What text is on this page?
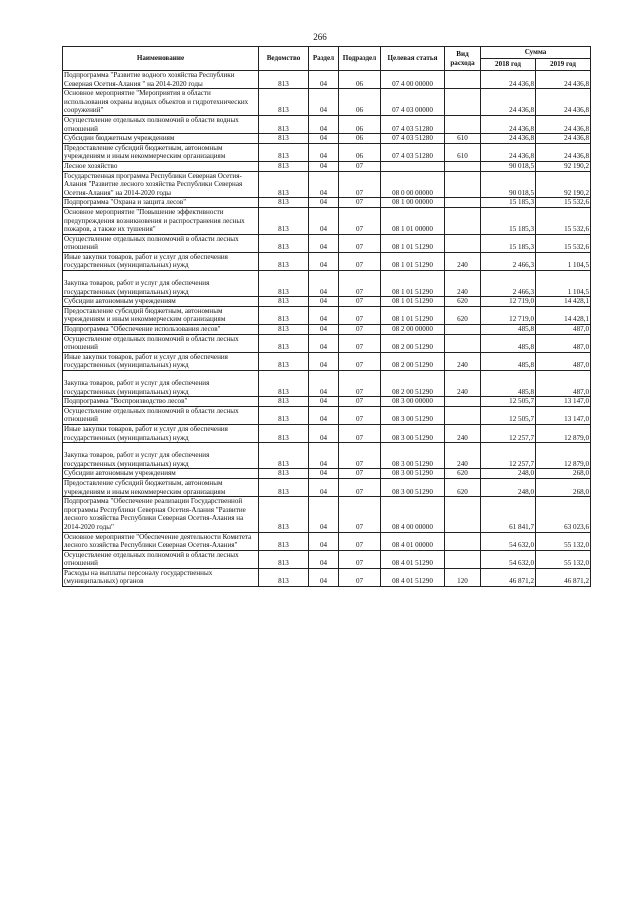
266
Наименование	Ведомство	Раздел	Подраздел	Целевая статья	Вид расхода	Сумма	
						2018 год	2019 год
Подпрограмма "Развитие водного хозяйства Республики Северная Осетия-Алания " на 2014-2020 годы	813	04	06	07 4 00 00000		24 436,8	24 436,8
Основное мероприятие "Мероприятия в области использования охраны водных объектов и гидротехнических сооружений"	813	04	06	07 4 03 00000		24 436,8	24 436,8
Осуществление отдельных полномочий в области водных отношений	813	04	06	07 4 03 51280		24 436,8	24 436,8
Субсидии бюджетным учреждениям	813	04	06	07 4 03 51280	610	24 436,8	24 436,8
Предоставление субсидий бюджетным, автономным учреждениям и иным некоммерческим организациям	813	04	06	07 4 03 51280	610	24 436,8	24 436,8
Лесное хозяйство	813	04	07			90 018,5	92 190,2
Государственная программа Республики Северная Осетия-Алания "Развитие лесного хозяйства Республики Северная Осетия-Алания" на 2014-2020 годы	813	04	07	08 0 00 00000		90 018,5	92 190,2
Подпрограмма "Охрана и защита лесов"	813	04	07	08 1 00 00000		15 185,3	15 532,6
Основное мероприятие "Повышение эффективности предупреждения возникновения и распространения лесных пожаров, а также их тушения"	813	04	07	08 1 01 00000		15 185,3	15 532,6
Осуществление отдельных полномочий в области лесных отношений	813	04	07	08 1 01 51290		15 185,3	15 532,6
Иные закупки товаров, работ и услуг для обеспечения государственных (муниципальных) нужд	813	04	07	08 1 01 51290	240	2 466,3	1 104,5
Закупка товаров, работ и услуг для обеспечения государственных (муниципальных) нужд	813	04	07	08 1 01 51290	240	2 466,3	1 104,5
Субсидии автономным учреждениям	813	04	07	08 1 01 51290	620	12 719,0	14 428,1
Предоставление субсидий бюджетным, автономным учреждениям и иным некоммерческим организациям	813	04	07	08 1 01 51290	620	12 719,0	14 428,1
Подпрограмма "Обеспечение использования лесов"	813	04	07	08 2 00 00000		485,8	487,0
Осуществление отдельных полномочий в области лесных отношений	813	04	07	08 2 00 51290		485,8	487,0
Иные закупки товаров, работ и услуг для обеспечения государственных (муниципальных) нужд	813	04	07	08 2 00 51290	240	485,8	487,0
Закупка товаров, работ и услуг для обеспечения государственных (муниципальных) нужд	813	04	07	08 2 00 51290	240	485,8	487,0
Подпрограмма "Воспроизводство лесов"	813	04	07	08 3 00 00000		12 505,7	13 147,0
Осуществление отдельных полномочий в области лесных отношений	813	04	07	08 3 00 51290		12 505,7	13 147,0
Иные закупки товаров, работ и услуг для обеспечения государственных (муниципальных) нужд	813	04	07	08 3 00 51290	240	12 257,7	12 879,0
Закупка товаров, работ и услуг для обеспечения государственных (муниципальных) нужд	813	04	07	08 3 00 51290	240	12 257,7	12 879,0
Субсидии автономным учреждениям	813	04	07	08 3 00 51290	620	248,0	268,0
Предоставление субсидий бюджетным, автономным учреждениям и иным некоммерческим организациям	813	04	07	08 3 00 51290	620	248,0	268,0
Подпрограмма "Обеспечение реализации Государственной программы Республики Северная Осетия-Алания "Развитие лесного хозяйства Республики Северная Осетия-Алания на 2014-2020 годы"	813	04	07	08 4 00 00000		61 841,7	63 023,6
Основное мероприятие "Обеспечение деятельности Комитета лесного хозяйства Республики Северная Осетия-Алания"	813	04	07	08 4 01 00000		54 632,0	55 132,0
Осуществление отдельных полномочий в области лесных отношений	813	04	07	08 4 01 51290		54 632,0	55 132,0
Расходы на выплаты персоналу государственных (муниципальных) органов	813	04	07	08 4 01 51290	120	46 871,2	46 871,2
